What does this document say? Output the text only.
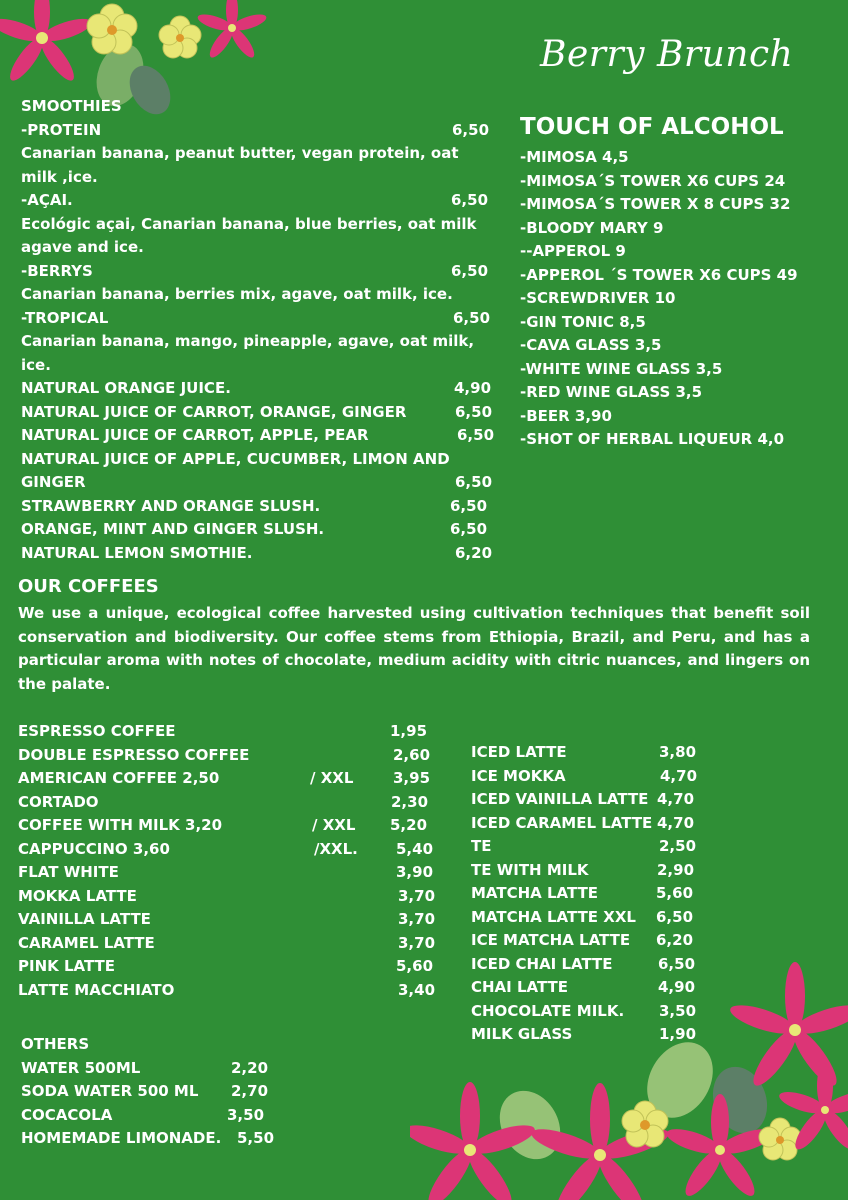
Berry Brunch
SMOOTHIES
-PROTEIN	6,50
Canarian banana, peanut butter, vegan protein, oat milk ,ice.
-AÇAI.	6,50
Ecológic açai, Canarian banana, blue berries, oat milk agave and ice.
-BERRYS	6,50
Canarian banana, berries mix, agave, oat milk, ice.
-TROPICAL	6,50
Canarian banana, mango, pineapple, agave, oat milk, ice.
NATURAL ORANGE JUICE.	4,90
NATURAL JUICE OF CARROT, ORANGE, GINGER	6,50
NATURAL JUICE OF CARROT, APPLE, PEAR	6,50
NATURAL JUICE OF APPLE, CUCUMBER, LIMON AND
GINGER	6,50
STRAWBERRY AND ORANGE SLUSH.	6,50
ORANGE, MINT AND GINGER SLUSH.	6,50
NATURAL LEMON SMOTHIE.	6,20
TOUCH OF ALCOHOL
-MIMOSA 4,5
-MIMOSA´S TOWER X6 CUPS 24
-MIMOSA´S TOWER X 8 CUPS 32
-BLOODY MARY 9
--APPEROL 9
-APPEROL ´S TOWER X6 CUPS 49
-SCREWDRIVER 10
-GIN TONIC 8,5
-CAVA GLASS 3,5
-WHITE WINE GLASS 3,5
-RED WINE GLASS 3,5
-BEER 3,90
-SHOT OF HERBAL LIQUEUR 4,0
OUR COFFEES
We use a unique, ecological coffee harvested using cultivation techniques that benefit soil conservation and biodiversity. Our coffee stems from Ethiopia, Brazil, and Peru, and has a particular aroma with notes of chocolate, medium acidity with citric nuances, and lingers on the palate.
ESPRESSO COFFEE	1,95
DOUBLE ESPRESSO COFFEE	2,60
AMERICAN COFFEE 2,50	/ XXL	3,95
CORTADO	2,30
COFFEE WITH MILK 3,20	/ XXL 5,20
CAPPUCCINO 3,60	/XXL.	5,40
FLAT WHITE	3,90
MOKKA LATTE	3,70
VAINILLA LATTE	3,70
CARAMEL LATTE	3,70
PINK LATTE	5,60
LATTE MACCHIATO	3,40
ICED LATTE	3,80
ICE MOKKA	4,70
ICED VAINILLA LATTE 4,70
ICED CARAMEL LATTE 4,70
TE	2,50
TE WITH MILK	2,90
MATCHA LATTE	5,60
MATCHA LATTE XXL 6,50
ICE MATCHA LATTE 6,20
ICED CHAI LATTE	6,50
CHAI LATTE	4,90
CHOCOLATE MILK. 3,50
MILK GLASS	1,90
OTHERS
WATER 500ML	2,20
SODA WATER 500 ML 2,70
COCACOLA	3,50
HOMEMADE LIMONADE. 5,50
